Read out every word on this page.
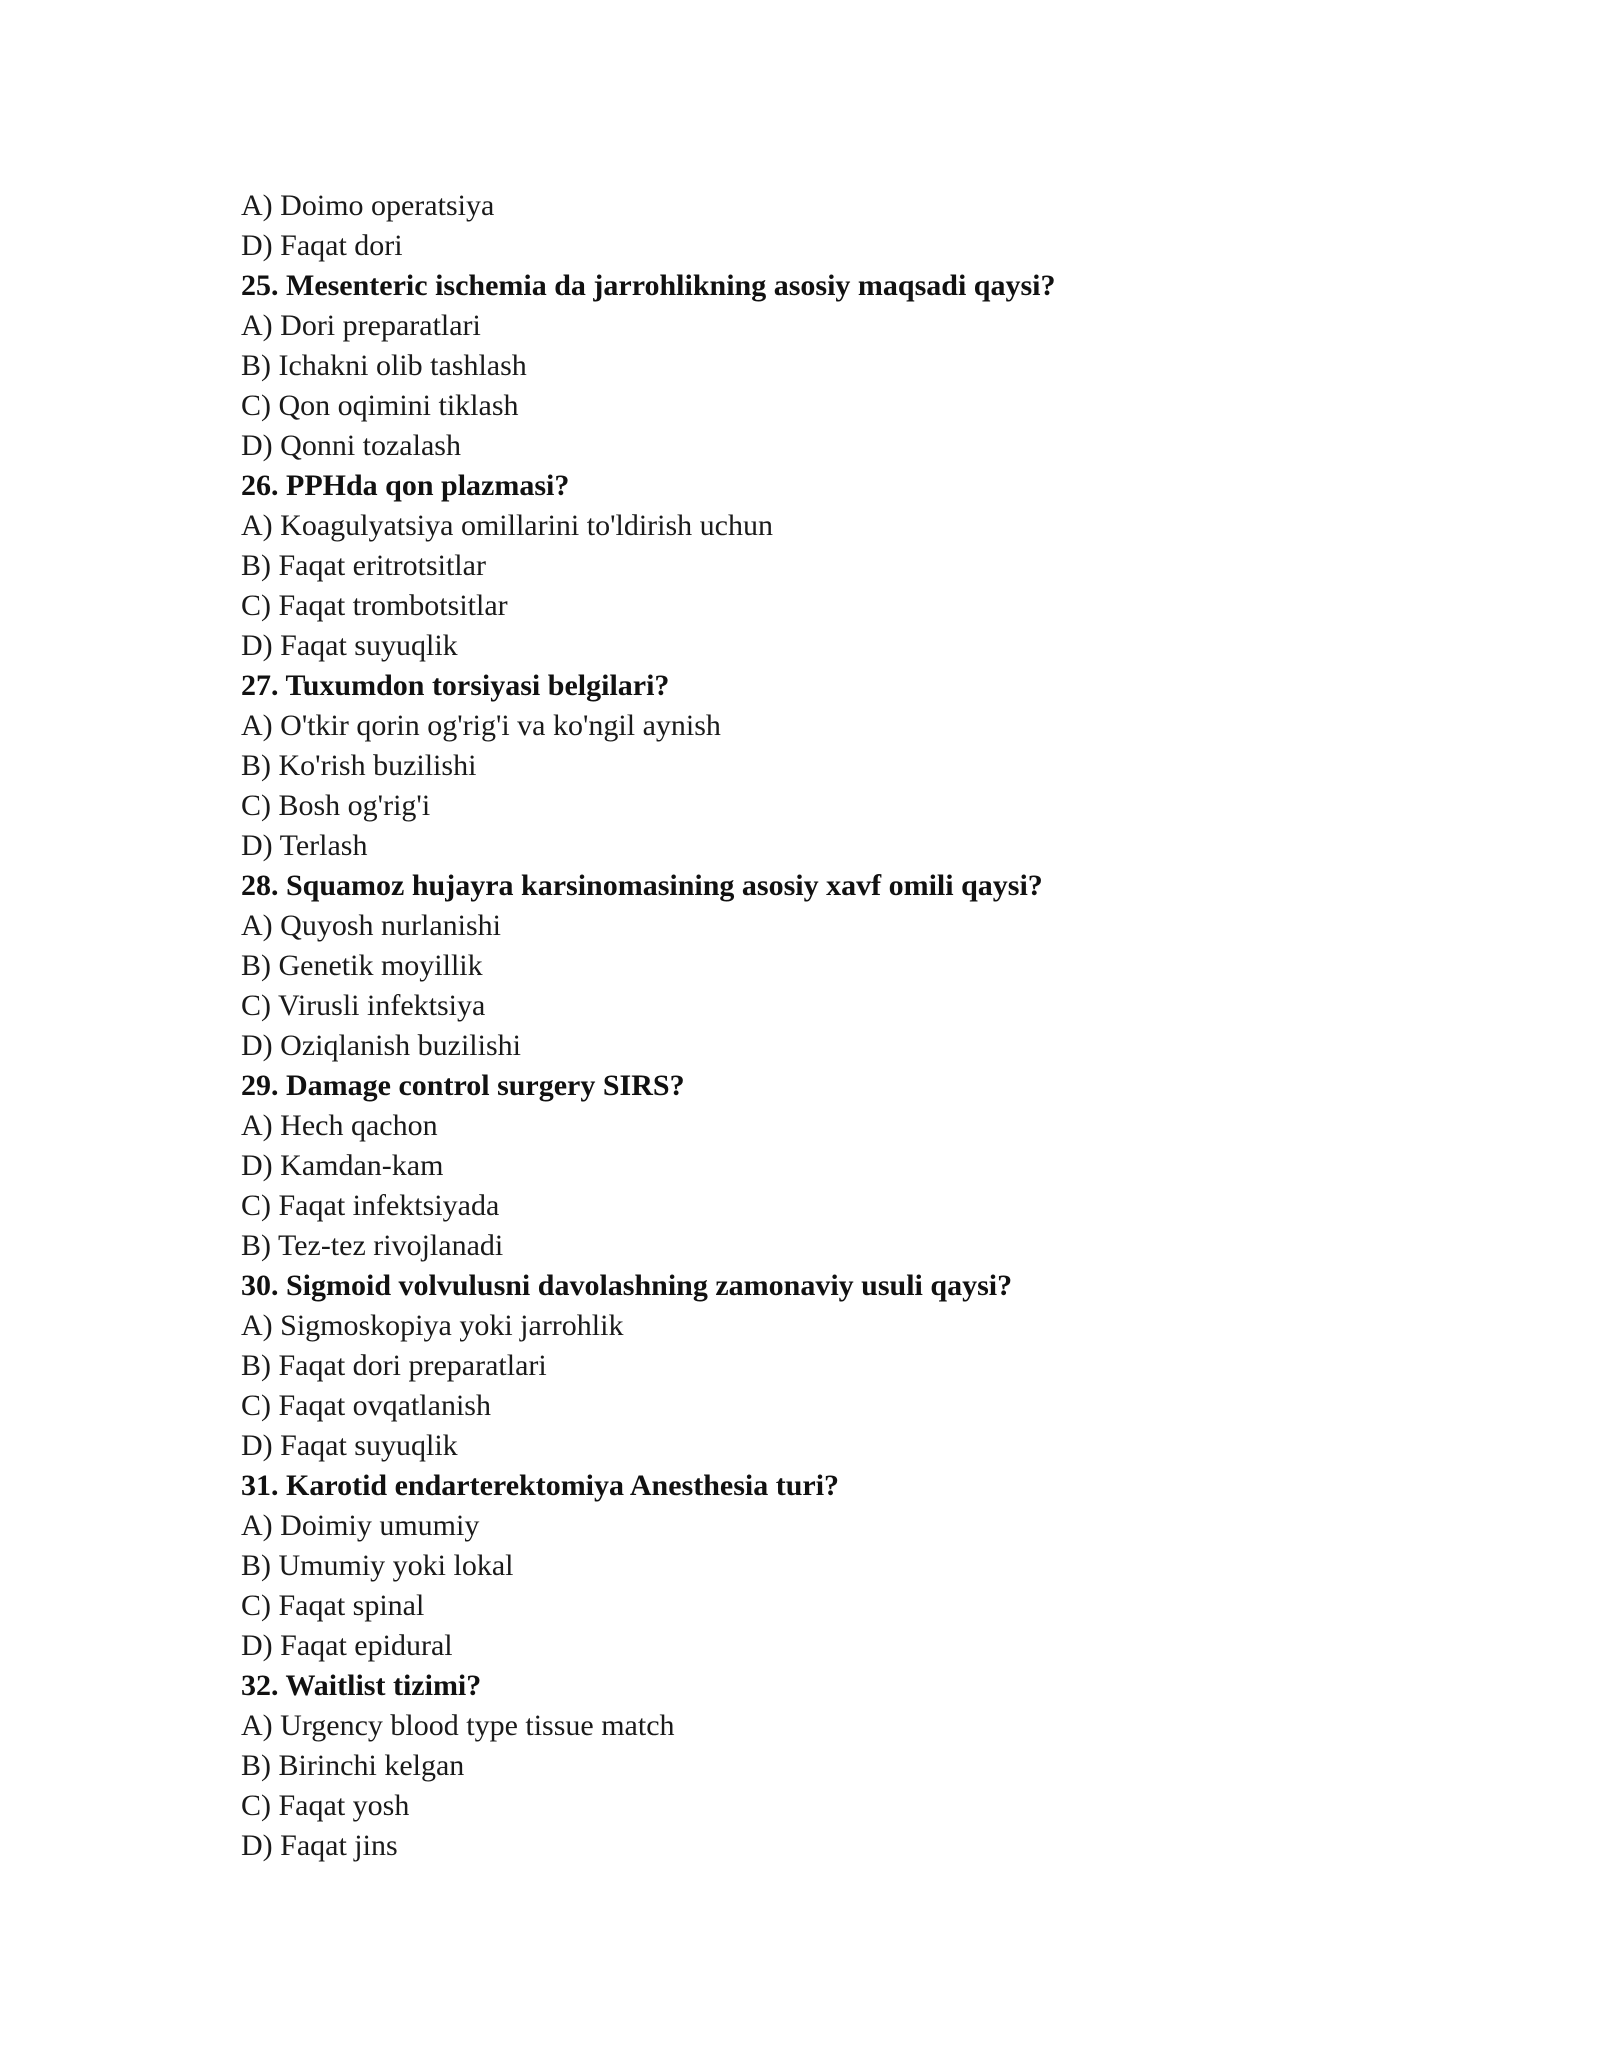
A) Doimo operatsiya
D) Faqat dori
25. Mesenteric ischemia da jarrohlikning asosiy maqsadi qaysi?
A) Dori preparatlari
B) Ichakni olib tashlash
C) Qon oqimini tiklash
D) Qonni tozalash
26. PPHda qon plazmasi?
A) Koagulyatsiya omillarini to'ldirish uchun
B) Faqat eritrotsitlar
C) Faqat trombotsitlar
D) Faqat suyuqlik
27. Tuxumdon torsiyasi belgilari?
A) O'tkir qorin og'rig'i va ko'ngil aynish
B) Ko'rish buzilishi
C) Bosh og'rig'i
D) Terlash
28. Squamoz hujayra karsinomasining asosiy xavf omili qaysi?
A) Quyosh nurlanishi
B) Genetik moyillik
C) Virusli infektsiya
D) Oziqlanish buzilishi
29. Damage control surgery SIRS?
A) Hech qachon
D) Kamdan-kam
C) Faqat infektsiyada
B) Tez-tez rivojlanadi
30. Sigmoid volvulusni davolashning zamonaviy usuli qaysi?
A) Sigmoskopiya yoki jarrohlik
B) Faqat dori preparatlari
C) Faqat ovqatlanish
D) Faqat suyuqlik
31. Karotid endarterektomiya Anesthesia turi?
A) Doimiy umumiy
B) Umumiy yoki lokal
C) Faqat spinal
D) Faqat epidural
32. Waitlist tizimi?
A) Urgency blood type tissue match
B) Birinchi kelgan
C) Faqat yosh
D) Faqat jins
